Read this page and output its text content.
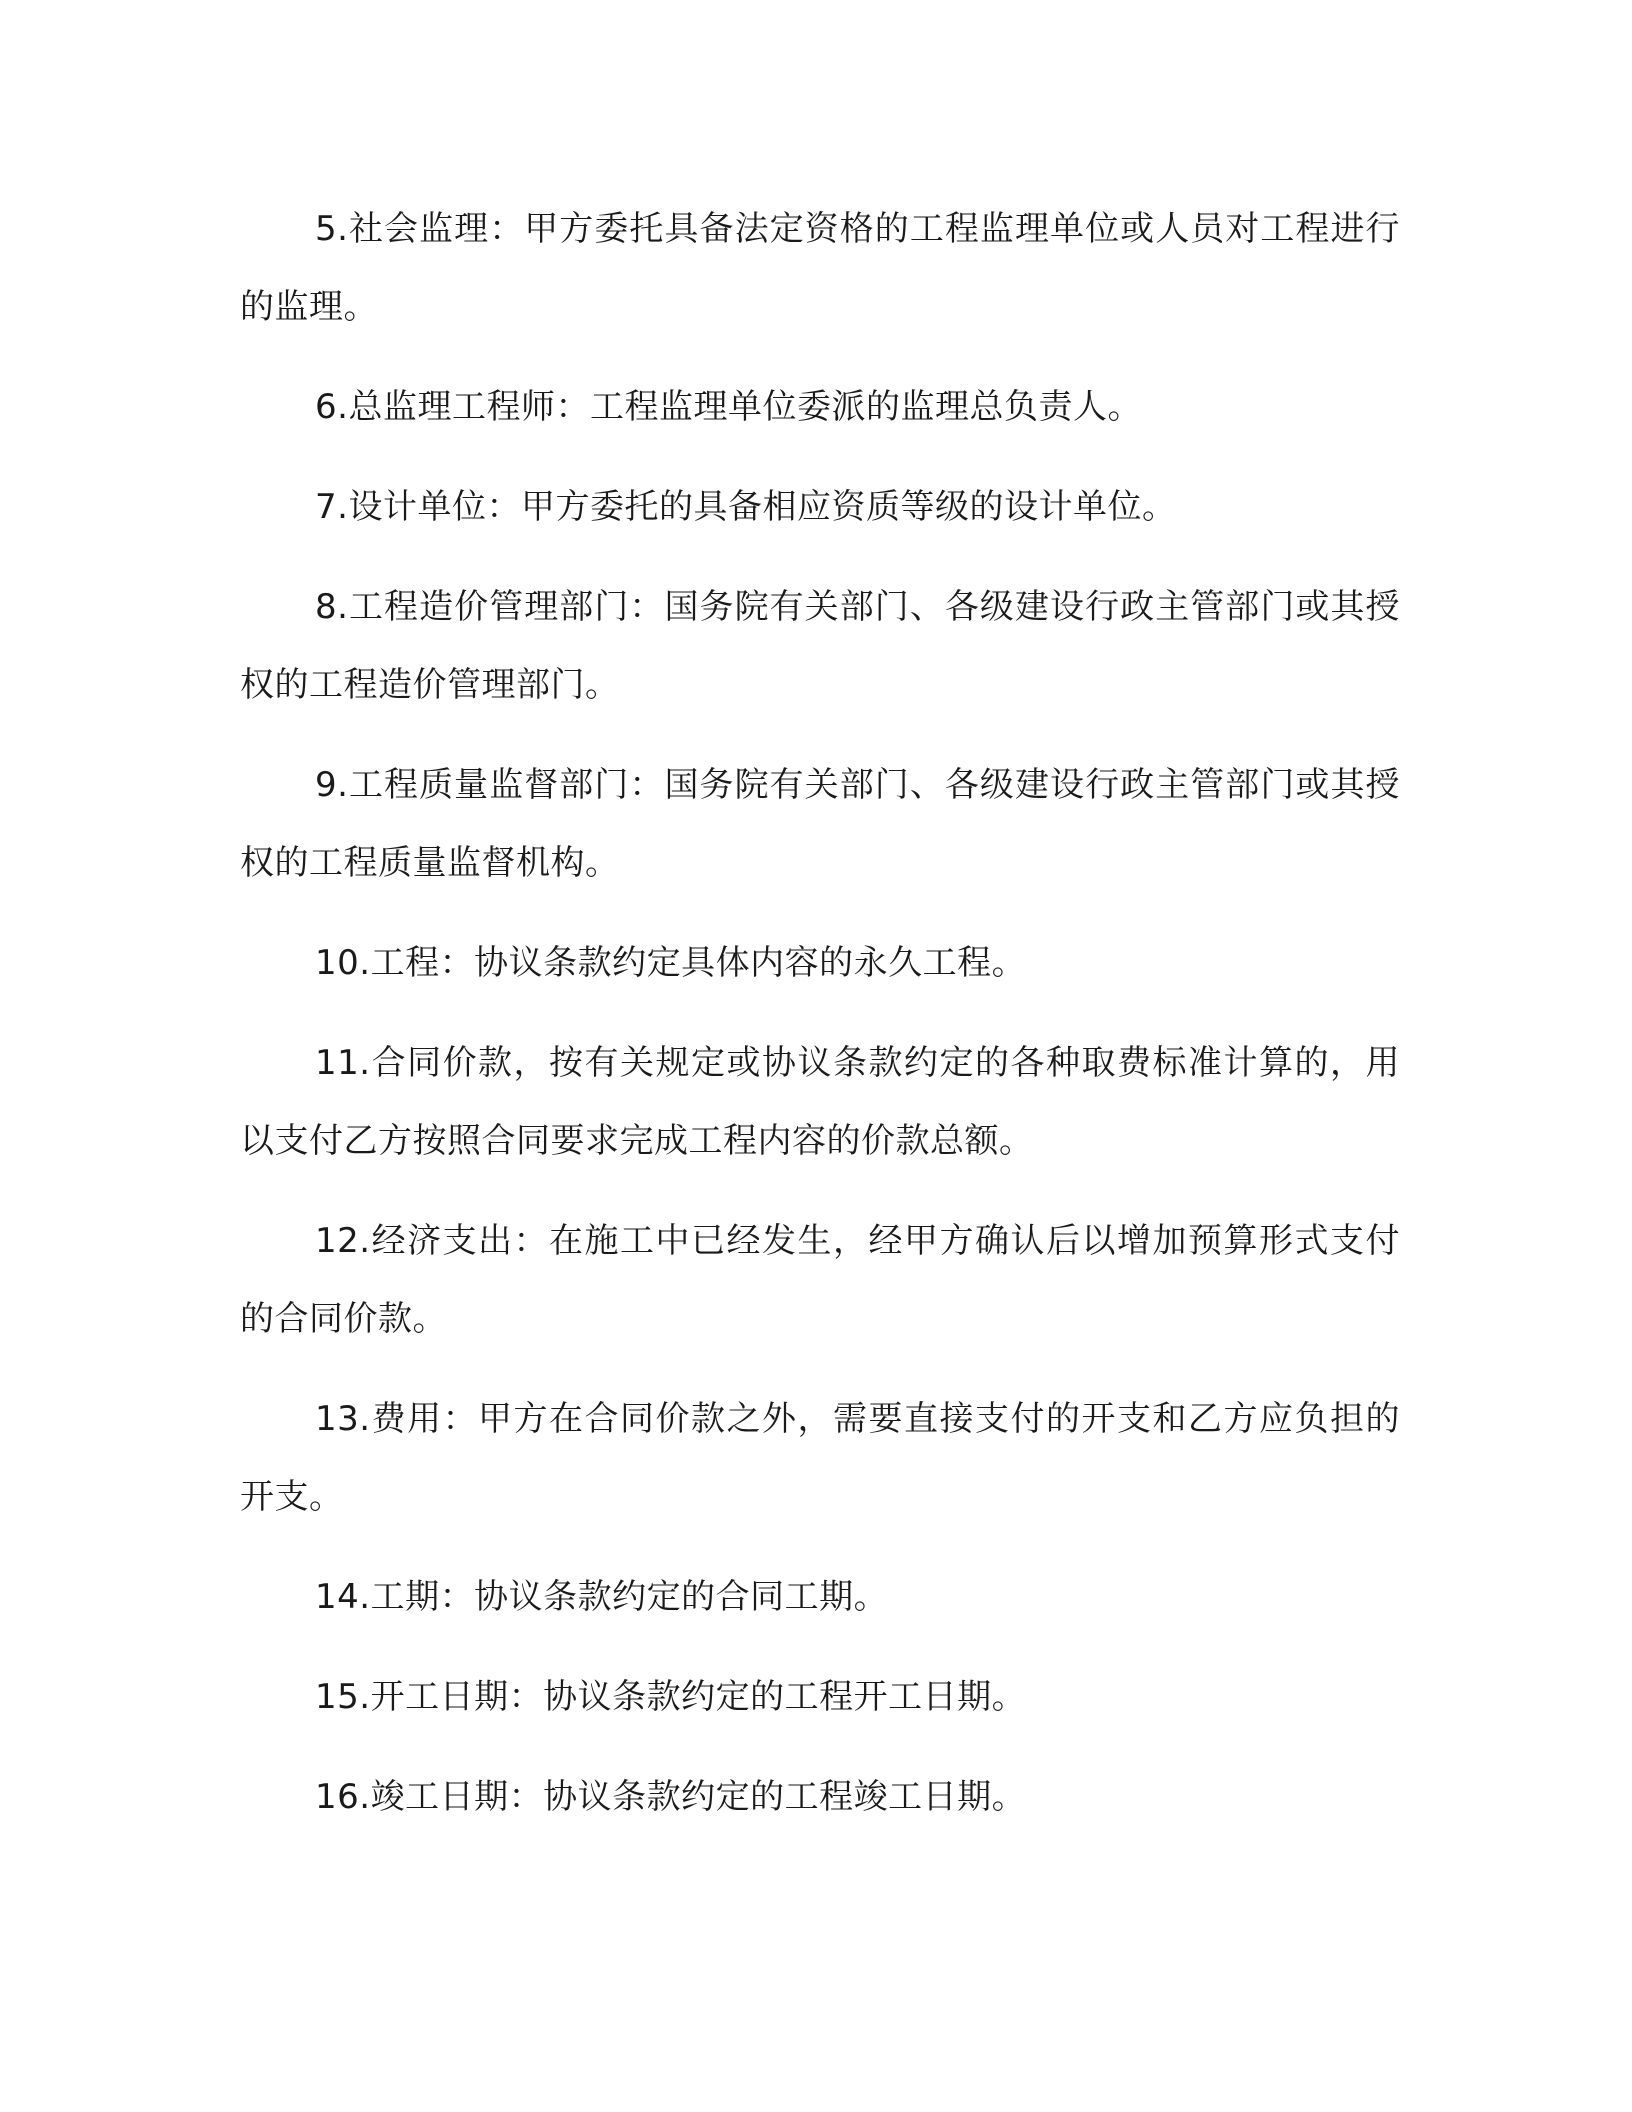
5.社会监理：甲方委托具备法定资格的工程监理单位或人员对工程进行的监理。

6.总监理工程师：工程监理单位委派的监理总负责人。

7.设计单位：甲方委托的具备相应资质等级的设计单位。

8.工程造价管理部门：国务院有关部门、各级建设行政主管部门或其授权的工程造价管理部门。

9.工程质量监督部门：国务院有关部门、各级建设行政主管部门或其授权的工程质量监督机构。

10.工程：协议条款约定具体内容的永久工程。

11.合同价款，按有关规定或协议条款约定的各种取费标准计算的，用以支付乙方按照合同要求完成工程内容的价款总额。

12.经济支出：在施工中已经发生，经甲方确认后以增加预算形式支付的合同价款。

13.费用：甲方在合同价款之外，需要直接支付的开支和乙方应负担的开支。

14.工期：协议条款约定的合同工期。

15.开工日期：协议条款约定的工程开工日期。

16.竣工日期：协议条款约定的工程竣工日期。
